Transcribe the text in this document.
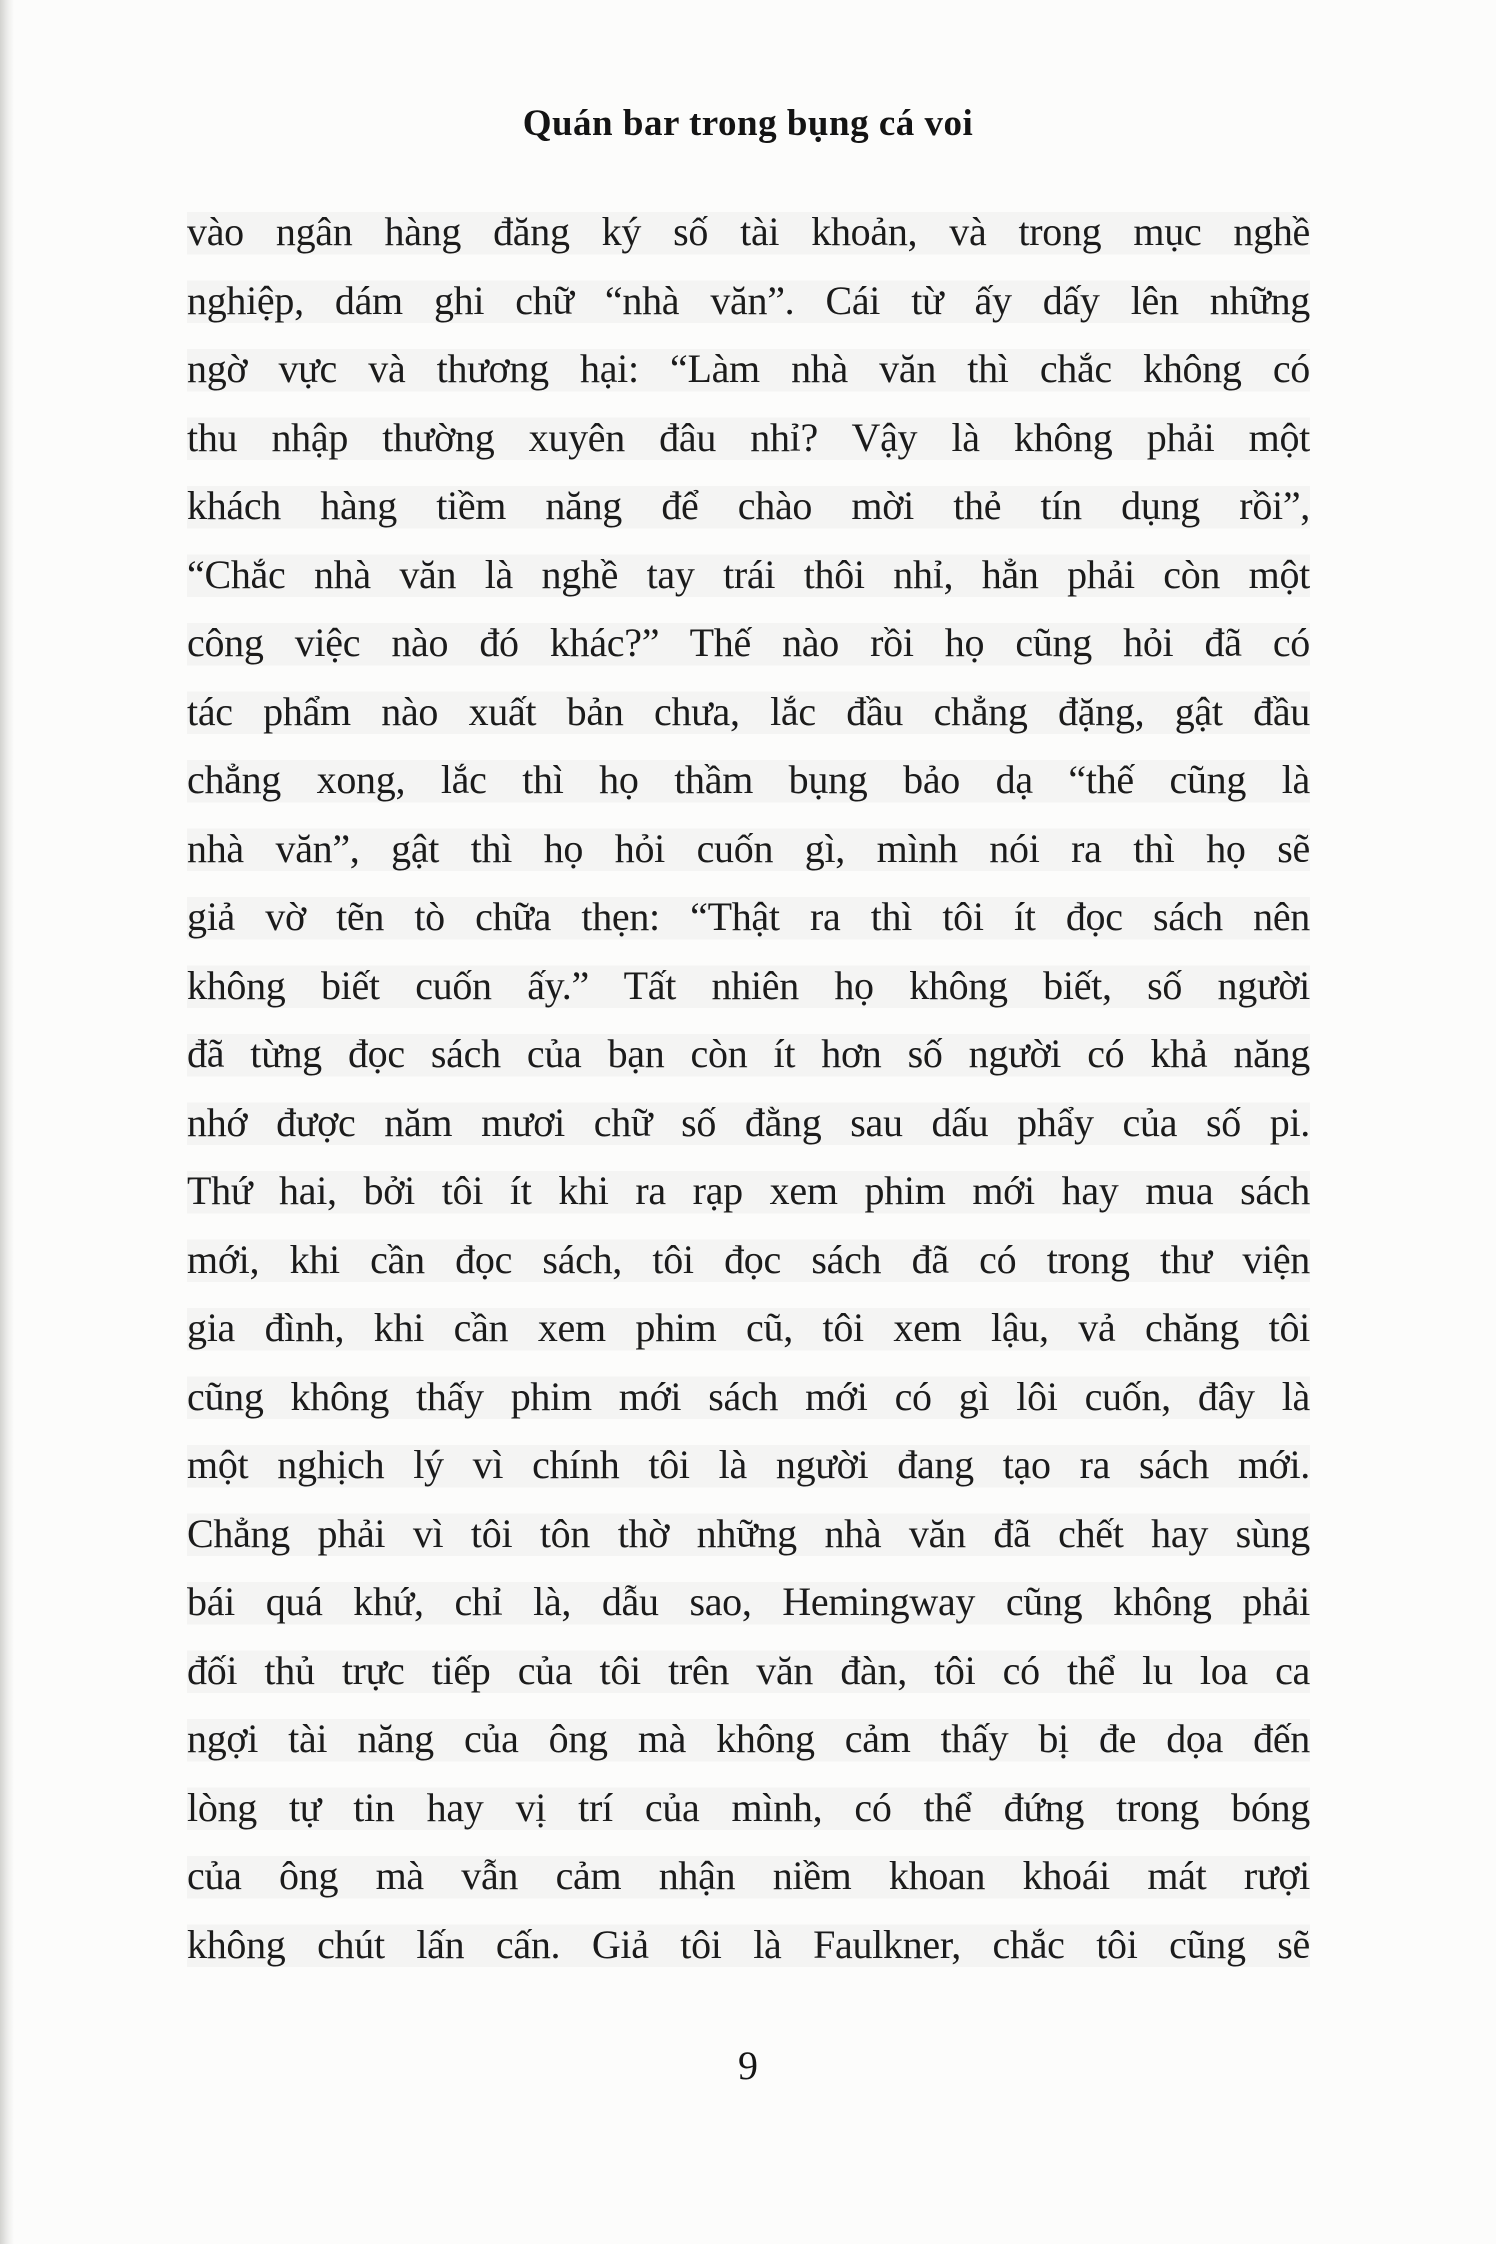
Quán bar trong bụng cá voi
vào ngân hàng đăng ký số tài khoản, và trong mục nghề
nghiệp, dám ghi chữ “nhà văn”. Cái từ ấy dấy lên những
ngờ vực và thương hại: “Làm nhà văn thì chắc không có
thu nhập thường xuyên đâu nhỉ? Vậy là không phải một
khách hàng tiềm năng để chào mời thẻ tín dụng rồi”,
“Chắc nhà văn là nghề tay trái thôi nhỉ, hẳn phải còn một
công việc nào đó khác?” Thế nào rồi họ cũng hỏi đã có
tác phẩm nào xuất bản chưa, lắc đầu chẳng đặng, gật đầu
chẳng xong, lắc thì họ thầm bụng bảo dạ “thế cũng là
nhà văn”, gật thì họ hỏi cuốn gì, mình nói ra thì họ sẽ
giả vờ tẽn tò chữa thẹn: “Thật ra thì tôi ít đọc sách nên
không biết cuốn ấy.” Tất nhiên họ không biết, số người
đã từng đọc sách của bạn còn ít hơn số người có khả năng
nhớ được năm mươi chữ số đằng sau dấu phẩy của số pi.
Thứ hai, bởi tôi ít khi ra rạp xem phim mới hay mua sách
mới, khi cần đọc sách, tôi đọc sách đã có trong thư viện
gia đình, khi cần xem phim cũ, tôi xem lậu, vả chăng tôi
cũng không thấy phim mới sách mới có gì lôi cuốn, đây là
một nghịch lý vì chính tôi là người đang tạo ra sách mới.
Chẳng phải vì tôi tôn thờ những nhà văn đã chết hay sùng
bái quá khứ, chỉ là, dẫu sao, Hemingway cũng không phải
đối thủ trực tiếp của tôi trên văn đàn, tôi có thể lu loa ca
ngợi tài năng của ông mà không cảm thấy bị đe dọa đến
lòng tự tin hay vị trí của mình, có thể đứng trong bóng
của ông mà vẫn cảm nhận niềm khoan khoái mát rượi
không chút lấn cấn. Giả tôi là Faulkner, chắc tôi cũng sẽ
9
